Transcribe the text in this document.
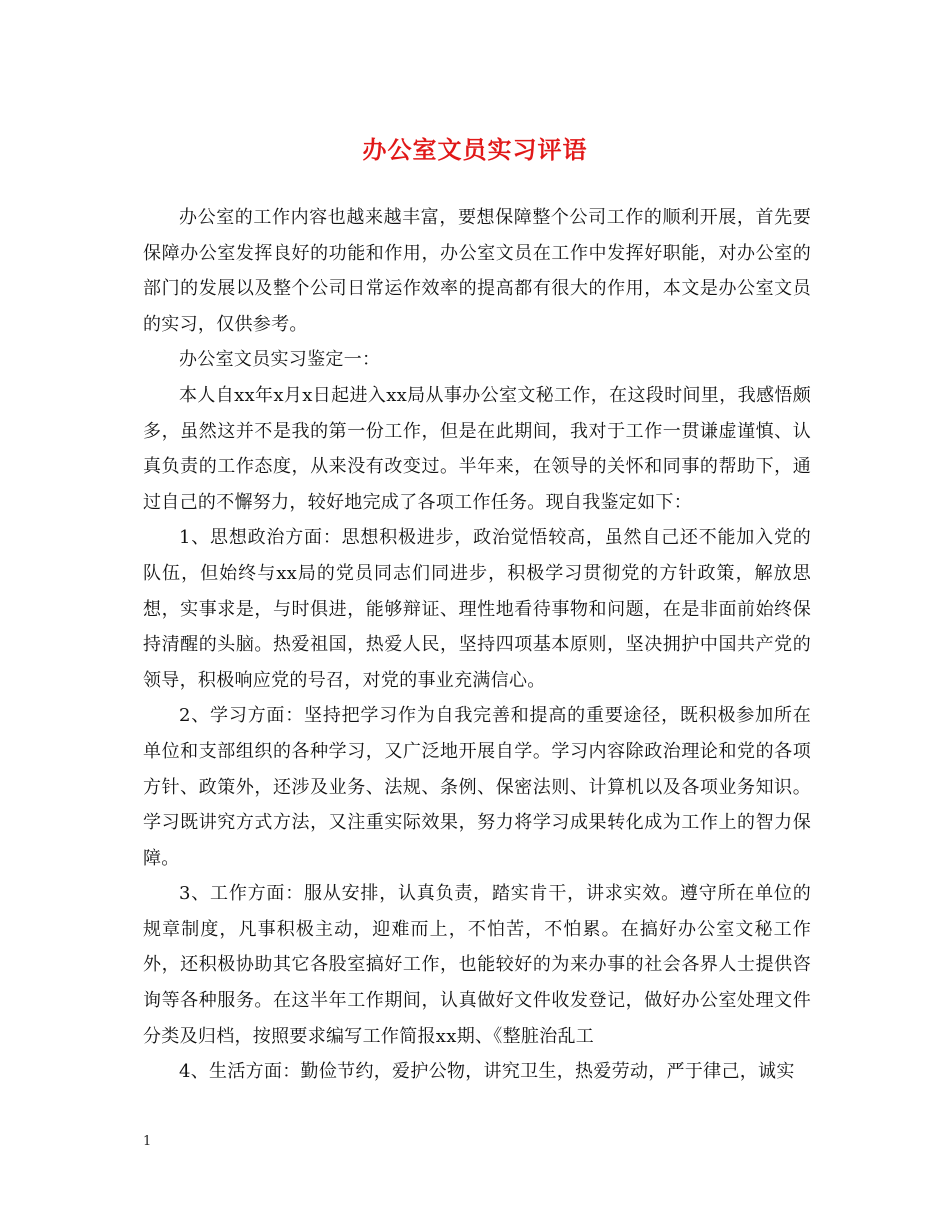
办公室文员实习评语

办公室的工作内容也越来越丰富，要想保障整个公司工作的顺利开展，首先要保障办公室发挥良好的功能和作用，办公室文员在工作中发挥好职能，对办公室的部门的发展以及整个公司日常运作效率的提高都有很大的作用，本文是办公室文员的实习，仅供参考。

办公室文员实习鉴定一：

本人自xx年x月x日起进入xx局从事办公室文秘工作，在这段时间里，我感悟颇多，虽然这并不是我的第一份工作，但是在此期间，我对于工作一贯谦虚谨慎、认真负责的工作态度，从来没有改变过。半年来，在领导的关怀和同事的帮助下，通过自己的不懈努力，较好地完成了各项工作任务。现自我鉴定如下：

1、思想政治方面：思想积极进步，政治觉悟较高，虽然自己还不能加入党的队伍，但始终与xx局的党员同志们同进步，积极学习贯彻党的方针政策，解放思想，实事求是，与时俱进，能够辩证、理性地看待事物和问题，在是非面前始终保持清醒的头脑。热爱祖国，热爱人民，坚持四项基本原则，坚决拥护中国共产党的领导，积极响应党的号召，对党的事业充满信心。

2、学习方面：坚持把学习作为自我完善和提高的重要途径，既积极参加所在单位和支部组织的各种学习，又广泛地开展自学。学习内容除政治理论和党的各项方针、政策外，还涉及业务、法规、条例、保密法则、计算机以及各项业务知识。学习既讲究方式方法，又注重实际效果，努力将学习成果转化成为工作上的智力保障。

3、工作方面：服从安排，认真负责，踏实肯干，讲求实效。遵守所在单位的规章制度，凡事积极主动，迎难而上，不怕苦，不怕累。在搞好办公室文秘工作外，还积极协助其它各股室搞好工作，也能较好的为来办事的社会各界人士提供咨询等各种服务。在这半年工作期间，认真做好文件收发登记，做好办公室处理文件分类及归档，按照要求编写工作简报xx期、《整脏治乱工

4、生活方面：勤俭节约，爱护公物，讲究卫生，热爱劳动，严于律己，诚实

1
